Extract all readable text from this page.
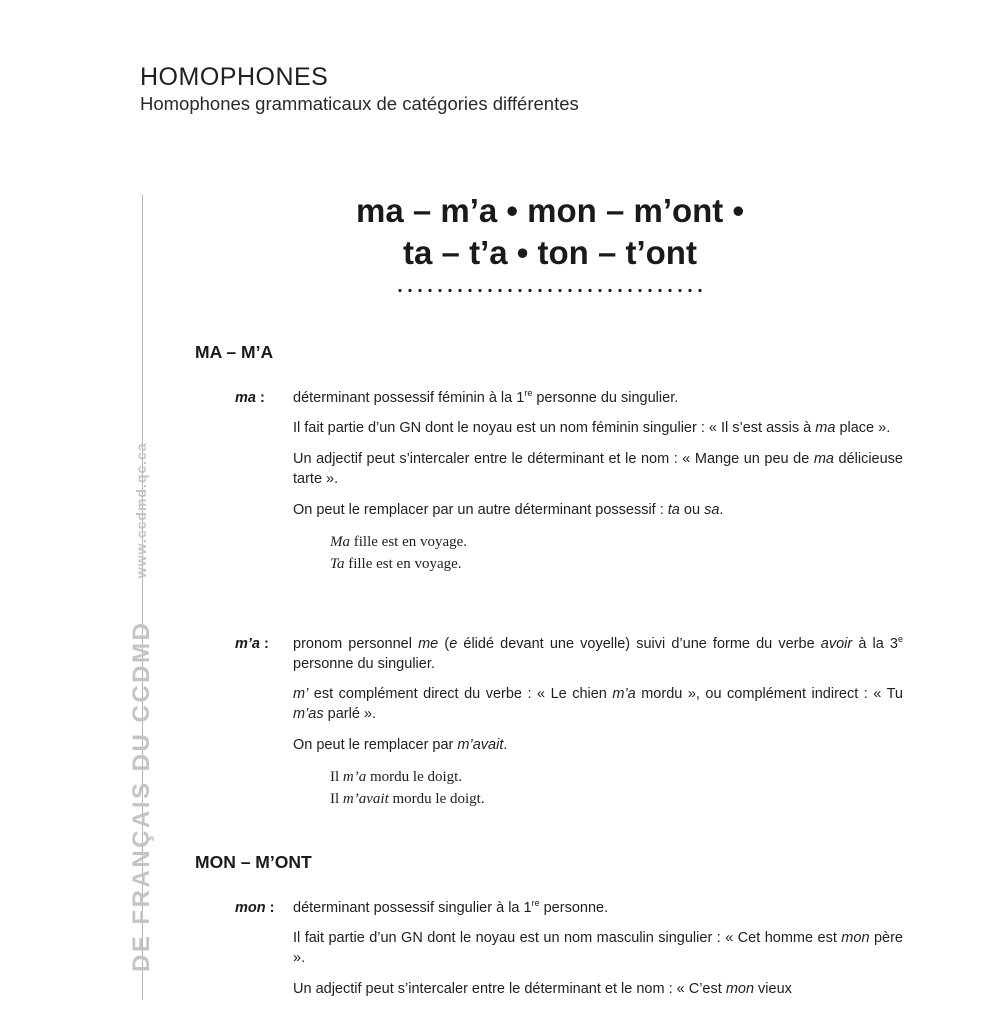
HOMOPHONES
Homophones grammaticaux de catégories différentes
DE FRANÇAIS DU CCDMD www.ccdmd.qc.ca
ma – m’a • mon – m’ont •
ta – t’a • ton – t’ont
MA – M’A
ma : déterminant possessif féminin à la 1re personne du singulier.

Il fait partie d’un GN dont le noyau est un nom féminin singulier : « Il s’est assis à ma place ».

Un adjectif peut s’intercaler entre le déterminant et le nom : « Mange un peu de ma délicieuse tarte ».

On peut le remplacer par un autre déterminant possessif : ta ou sa.

Ma fille est en voyage.
Ta fille est en voyage.
m’a : pronom personnel me (e élidé devant une voyelle) suivi d’une forme du verbe avoir à la 3e personne du singulier.

m’ est complément direct du verbe : « Le chien m’a mordu », ou complément indirect : « Tu m’as parlé ».

On peut le remplacer par m’avait.

Il m’a mordu le doigt.
Il m’avait mordu le doigt.
MON – M’ONT
mon : déterminant possessif singulier à la 1re personne.

Il fait partie d’un GN dont le noyau est un nom masculin singulier : « Cet homme est mon père ».

Un adjectif peut s’intercaler entre le déterminant et le nom : « C’est mon vieux
